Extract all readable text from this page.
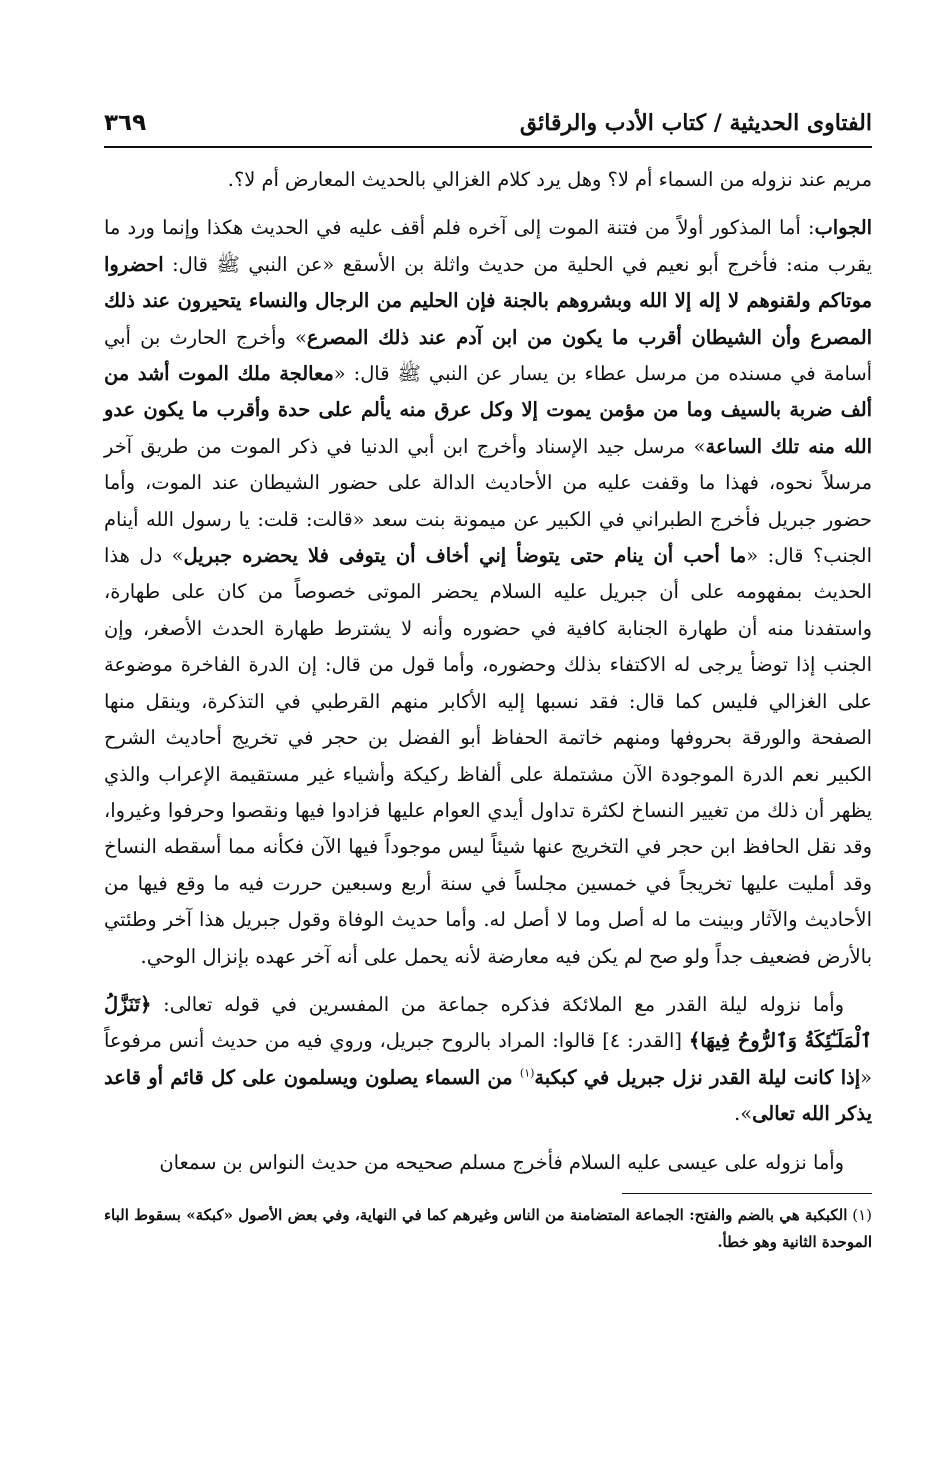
الفتاوى الحديثية / كتاب الأدب والرقائق
٣٦٩

مريم عند نزوله من السماء أم لا؟ وهل يرد كلام الغزالي بالحديث المعارض أم لا؟.

الجواب: أما المذكور أولاً من فتنة الموت إلى آخره فلم أقف عليه في الحديث هكذا وإنما ورد ما يقرب منه: فأخرج أبو نعيم في الحلية من حديث واثلة بن الأسقع «عن النبي ﷺ قال: احضروا موتاكم ولقنوهم لا إله إلا الله وبشروهم بالجنة فإن الحليم من الرجال والنساء يتحيرون عند ذلك المصرع وأن الشيطان أقرب ما يكون من ابن آدم عند ذلك المصرع» وأخرج الحارث بن أبي أسامة في مسنده من مرسل عطاء بن يسار عن النبي ﷺ قال: «معالجة ملك الموت أشد من ألف ضربة بالسيف وما من مؤمن يموت إلا وكل عرق منه يألم على حدة وأقرب ما يكون عدو الله منه تلك الساعة» مرسل جيد الإسناد وأخرج ابن أبي الدنيا في ذكر الموت من طريق آخر مرسلاً نحوه، فهذا ما وقفت عليه من الأحاديث الدالة على حضور الشيطان عند الموت، وأما حضور جبريل فأخرج الطبراني في الكبير عن ميمونة بنت سعد «قالت: قلت: يا رسول الله أينام الجنب؟ قال: «ما أحب أن ينام حتى يتوضأ إني أخاف أن يتوفى فلا يحضره جبريل» دل هذا الحديث بمفهومه على أن جبريل عليه السلام يحضر الموتى خصوصاً من كان على طهارة، واستفدنا منه أن طهارة الجنابة كافية في حضوره وأنه لا يشترط طهارة الحدث الأصغر، وإن الجنب إذا توضأ يرجى له الاكتفاء بذلك وحضوره، وأما قول من قال: إن الدرة الفاخرة موضوعة على الغزالي فليس كما قال: فقد نسبها إليه الأكابر منهم القرطبي في التذكرة، وينقل منها الصفحة والورقة بحروفها ومنهم خاتمة الحفاظ أبو الفضل بن حجر في تخريج أحاديث الشرح الكبير نعم الدرة الموجودة الآن مشتملة على ألفاظ ركيكة وأشياء غير مستقيمة الإعراب والذي يظهر أن ذلك من تغيير النساخ لكثرة تداول أيدي العوام عليها فزادوا فيها ونقصوا وحرفوا وغيروا، وقد نقل الحافظ ابن حجر في التخريج عنها شيئاً ليس موجوداً فيها الآن فكأنه مما أسقطه النساخ وقد أمليت عليها تخريجاً في خمسين مجلساً في سنة أربع وسبعين حررت فيه ما وقع فيها من الأحاديث والآثار وبينت ما له أصل وما لا أصل له. وأما حديث الوفاة وقول جبريل هذا آخر وطئتي بالأرض فضعيف جداً ولو صح لم يكن فيه معارضة لأنه يحمل على أنه آخر عهده بإنزال الوحي.

وأما نزوله ليلة القدر مع الملائكة فذكره جماعة من المفسرين في قوله تعالى: ﴿تَنَزَّلُ ٱلْمَلَـٰٓئِكَةُ وَٱلرُّوحُ فِيهَا﴾ [القدر: ٤] قالوا: المراد بالروح جبريل، وروي فيه من حديث أنس مرفوعاً «إذا كانت ليلة القدر نزل جبريل في كبكبة$^{(١)}$ من السماء يصلون ويسلمون على كل قائم أو قاعد يذكر الله تعالى».

وأما نزوله على عيسى عليه السلام فأخرج مسلم صحيحه من حديث النواس بن سمعان

(١) الكبكبة هي بالضم والفتح: الجماعة المتضامنة من الناس وغيرهم كما في النهاية، وفي بعض الأصول «كبكة» بسقوط الباء الموحدة الثانية وهو خطأ.
